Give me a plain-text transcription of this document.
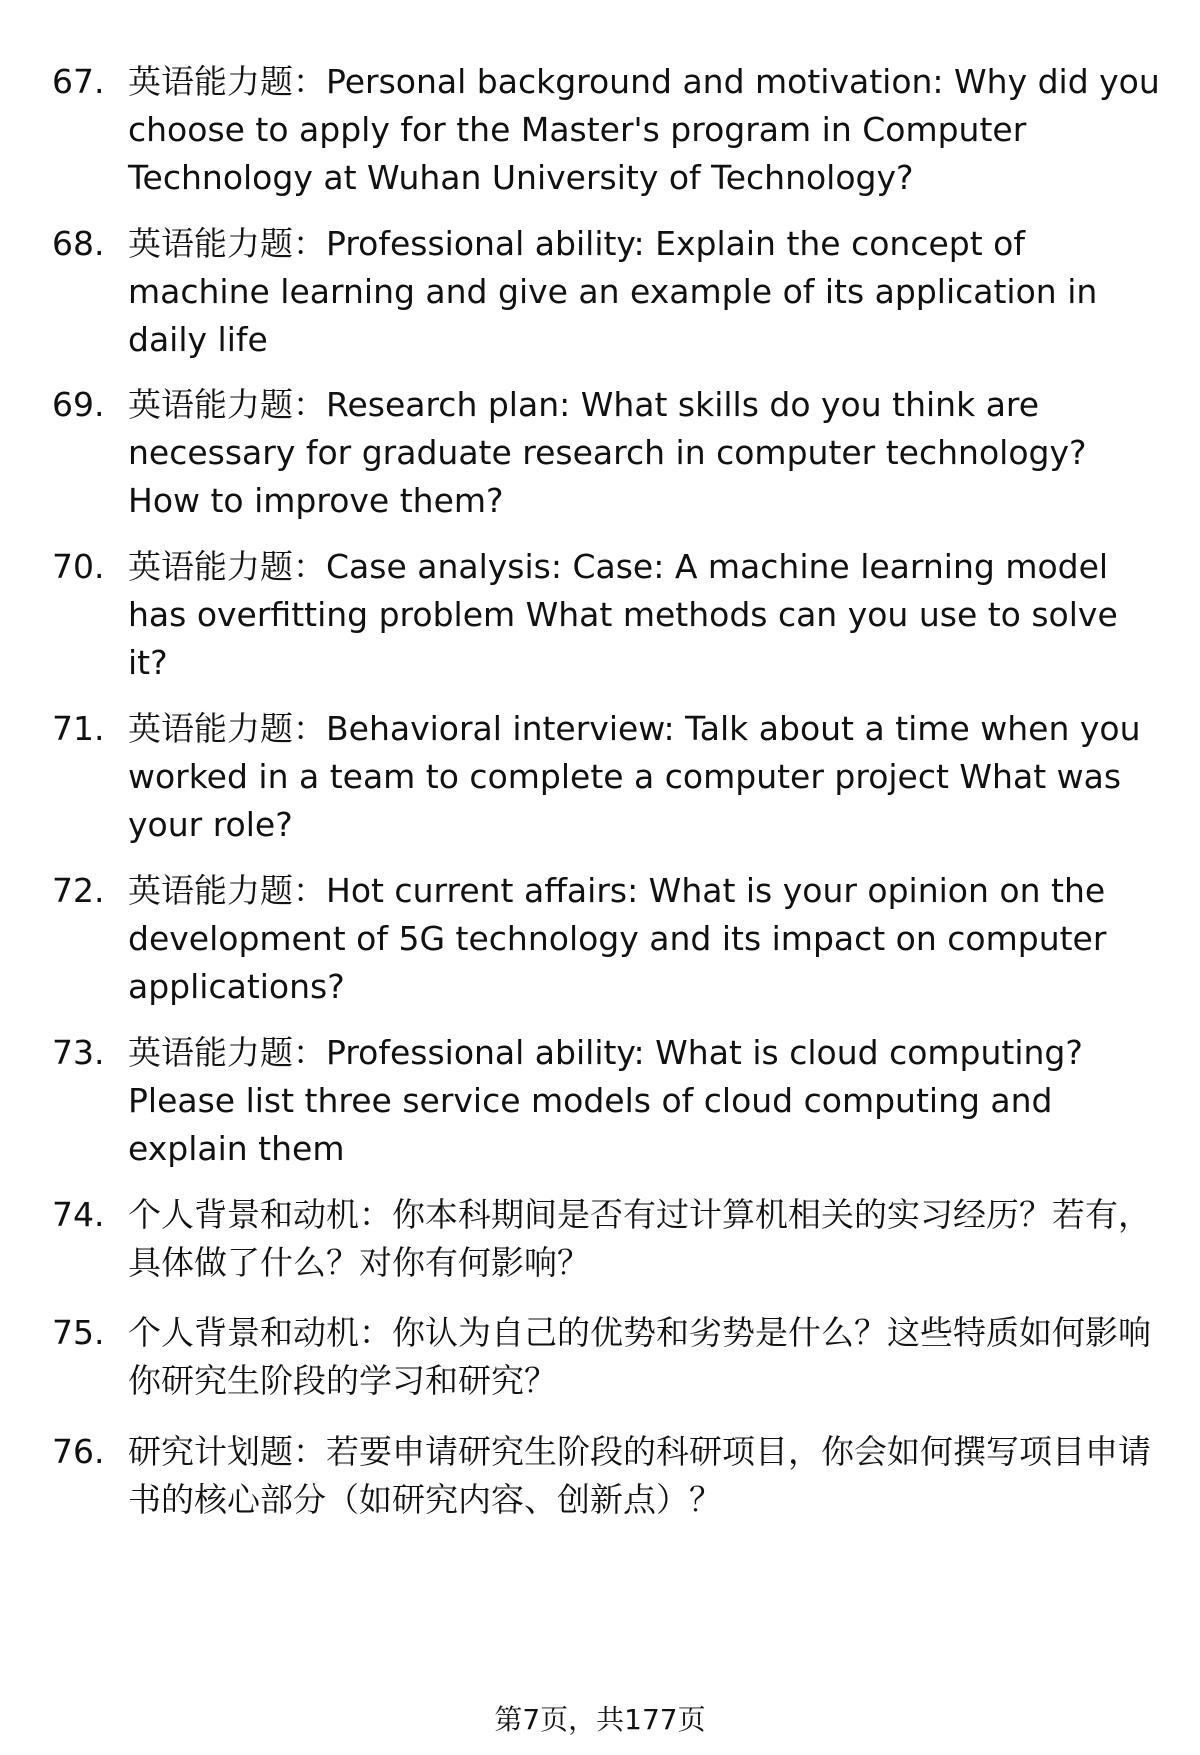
67. 英语能力题：Personal background and motivation: Why did you choose to apply for the Master's program in Computer Technology at Wuhan University of Technology?
68. 英语能力题：Professional ability: Explain the concept of machine learning and give an example of its application in daily life
69. 英语能力题：Research plan: What skills do you think are necessary for graduate research in computer technology? How to improve them?
70. 英语能力题：Case analysis: Case: A machine learning model has overfitting problem What methods can you use to solve it?
71. 英语能力题：Behavioral interview: Talk about a time when you worked in a team to complete a computer project What was your role?
72. 英语能力题：Hot current affairs: What is your opinion on the development of 5G technology and its impact on computer applications?
73. 英语能力题：Professional ability: What is cloud computing? Please list three service models of cloud computing and explain them
74. 个人背景和动机：你本科期间是否有过计算机相关的实习经历？若有，具体做了什么？对你有何影响？
75. 个人背景和动机：你认为自己的优势和劣势是什么？这些特质如何影响你研究生阶段的学习和研究？
76. 研究计划题：若要申请研究生阶段的科研项目，你会如何撰写项目申请书的核心部分（如研究内容、创新点）？
第7页，共177页
